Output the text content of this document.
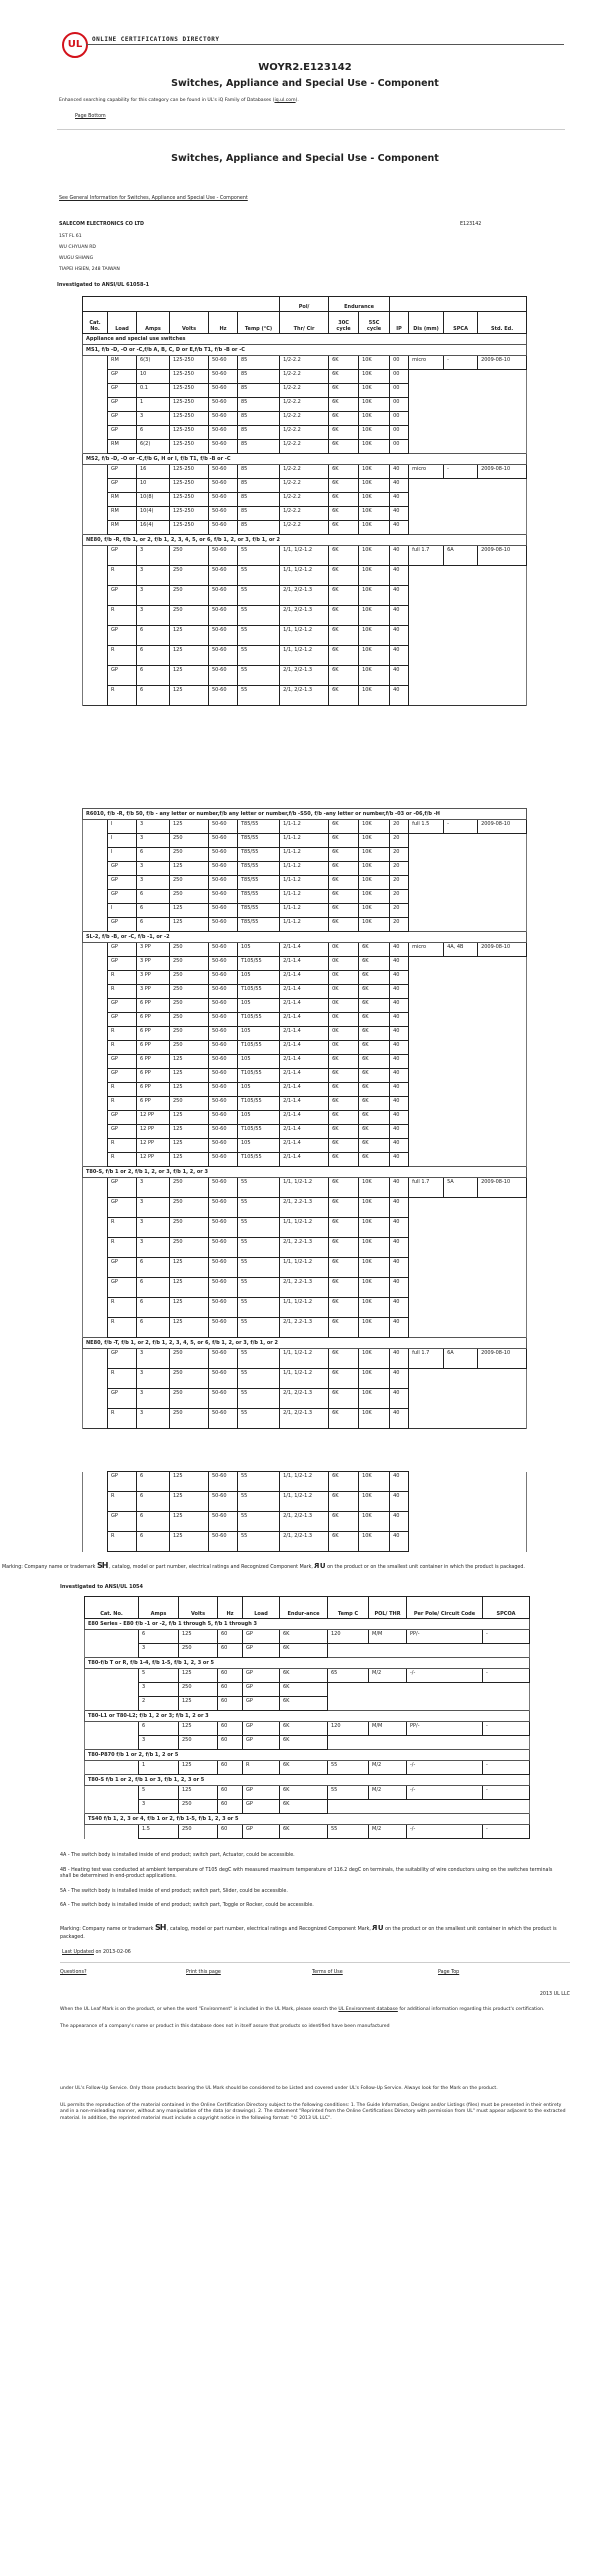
UL	ONLINE CERTIFICATIONS DIRECTORY
WOYR2.E123142
Switches, Appliance and Special Use - Component
Enhanced searching capability for this category can be found in UL's iQ Family of Databases (iq.ul.com).
Page Bottom
Switches, Appliance and Special Use - Component
See General Information for Switches, Appliance and Special Use - Component
SALECOM ELECTRONICS CO LTD	E123142
1ST FL 61
WU CHYUAN RD
WUGU SHIANG
TIAPEI HSIEN, 248 TAIWAN
Investigated to ANSI/UL 61058-1
						Pol/	Endurance					
Cat. No.	Load	Amps	Volts	Hz	Temp (°C)	Thr/ Cir	30C cycle	55C cycle	IP	Dis (mm)	SPCA	Std. Ed.
Appliance and special use switches												
MS1, f/b -D, -O or -C,f/b A, B, C, D or E,f/b T1, f/b -B or -C												
	RM	6(3)	125-250	50-60	85	1/2-2.2	6K	10K	00	micro	-	2009-08-10
	GP	10	125-250	50-60	85	1/2-2.2	6K	10K	00			
	GP	0.1	125-250	50-60	85	1/2-2.2	6K	10K	00			
	GP	1	125-250	50-60	85	1/2-2.2	6K	10K	00			
	GP	3	125-250	50-60	85	1/2-2.2	6K	10K	00			
	GP	6	125-250	50-60	85	1/2-2.2	6K	10K	00			
	RM	6(2)	125-250	50-60	85	1/2-2.2	6K	10K	00			
MS2, f/b -D, -O or -C,f/b G, H or I, f/b T1, f/b -B or -C												
	GP	16	125-250	50-60	85	1/2-2.2	6K	10K	40	micro	-	2009-08-10
	GP	10	125-250	50-60	85	1/2-2.2	6K	10K	40			
	RM	10(8)	125-250	50-60	85	1/2-2.2	6K	10K	40			
	RM	10(4)	125-250	50-60	85	1/2-2.2	6K	10K	40			
	RM	16(4)	125-250	50-60	85	1/2-2.2	6K	10K	40			
NE80, f/b -R, f/b 1, or 2, f/b 1, 2, 3, 4, 5, or 6, f/b 1, 2, or 3, f/b 1, or 2												
	GP	3	250	50-60	55	1/1, 1/2-1.2	6K	10K	40	full 1.7	6A	2009-08-10
	R	3	250	50-60	55	1/1, 1/2-1.2	6K	10K	40			
	GP	3	250	50-60	55	2/1, 2/2-1.3	6K	10K	40			
	R	3	250	50-60	55	2/1, 2/2-1.3	6K	10K	40			
	GP	6	125	50-60	55	1/1, 1/2-1.2	6K	10K	40			
	R	6	125	50-60	55	1/1, 1/2-1.2	6K	10K	40			
	GP	6	125	50-60	55	2/1, 2/2-1.3	6K	10K	40			
	R	6	125	50-60	55	2/1, 2/2-1.3	6K	10K	40			

R6010, f/b -R, f/b 50, f/b - any letter or number,f/b any letter or number,f/b -S50, f/b -any letter or number,f/b -03 or -06,f/b -H												
	I	3	125	50-60	T85/55	1/1-1.2	6K	10K	20	full 1.5	-	2009-08-10
	I	3	250	50-60	T85/55	1/1-1.2	6K	10K	20			
	I	6	250	50-60	T85/55	1/1-1.2	6K	10K	20			
	GP	3	125	50-60	T85/55	1/1-1.2	6K	10K	20			
	GP	3	250	50-60	T85/55	1/1-1.2	6K	10K	20			
	GP	6	250	50-60	T85/55	1/1-1.2	6K	10K	20			
	I	6	125	50-60	T85/55	1/1-1.2	6K	10K	20			
	GP	6	125	50-60	T85/55	1/1-1.2	6K	10K	20			
SL-2, f/b -B, or -C, f/b -1, or -2												
	GP	3 PP	250	50-60	105	2/1-1.4	0K	6K	40	micro	4A, 4B	2009-08-10
	GP	3 PP	250	50-60	T105/55	2/1-1.4	0K	6K	40			
	R	3 PP	250	50-60	105	2/1-1.4	0K	6K	40			
	R	3 PP	250	50-60	T105/55	2/1-1.4	0K	6K	40			
	GP	6 PP	250	50-60	105	2/1-1.4	0K	6K	40			
	GP	6 PP	250	50-60	T105/55	2/1-1.4	0K	6K	40			
	R	6 PP	250	50-60	105	2/1-1.4	0K	6K	40			
	R	6 PP	250	50-60	T105/55	2/1-1.4	0K	6K	40			
	GP	6 PP	125	50-60	105	2/1-1.4	6K	6K	40			
	GP	6 PP	125	50-60	T105/55	2/1-1.4	6K	6K	40			
	R	6 PP	125	50-60	105	2/1-1.4	6K	6K	40			
	R	6 PP	250	50-60	T105/55	2/1-1.4	6K	6K	40			
	GP	12 PP	125	50-60	105	2/1-1.4	6K	6K	40			
	GP	12 PP	125	50-60	T105/55	2/1-1.4	6K	6K	40			
	R	12 PP	125	50-60	105	2/1-1.4	6K	6K	40			
	R	12 PP	125	50-60	T105/55	2/1-1.4	6K	6K	40			
T80-S, f/b 1 or 2, f/b 1, 2, or 3, f/b 1, 2, or 3												
	GP	3	250	50-60	55	1/1, 1/2-1.2	6K	10K	40	full 1.7	5A	2009-08-10
	GP	3	250	50-60	55	2/1, 2.2-1.3	6K	10K	40			
	R	3	250	50-60	55	1/1, 1/2-1.2	6K	10K	40			
	R	3	250	50-60	55	2/1, 2.2-1.3	6K	10K	40			
	GP	6	125	50-60	55	1/1, 1/2-1.2	6K	10K	40			
	GP	6	125	50-60	55	2/1, 2.2-1.3	6K	10K	40			
	R	6	125	50-60	55	1/1, 1/2-1.2	6K	10K	40			
	R	6	125	50-60	55	2/1, 2.2-1.3	6K	10K	40			
NE80, f/b -T, f/b 1, or 2, f/b 1, 2, 3, 4, 5, or 6, f/b 1, 2, or 3, f/b 1, or 2												
	GP	3	250	50-60	55	1/1, 1/2-1.2	6K	10K	40	full 1.7	6A	2009-08-10
	R	3	250	50-60	55	1/1, 1/2-1.2	6K	10K	40			
	GP	3	250	50-60	55	2/1, 2/2-1.3	6K	10K	40			
	R	3	250	50-60	55	2/1, 2/2-1.3	6K	10K	40			

	GP	6	125	50-60	55	1/1, 1/2-1.2	6K	10K	40			
	R	6	125	50-60	55	1/1, 1/2-1.2	6K	10K	40			
	GP	6	125	50-60	55	2/1, 2/2-1.3	6K	10K	40			
	R	6	125	50-60	55	2/1, 2/2-1.3	6K	10K	40			
Marking: Company name or trademark SH , catalog, model or part number, electrical ratings and Recognized Component Mark, RU on the product or on the smallest unit container in which the product is packaged.
Investigated to ANSI/UL 1054
Cat. No.	Amps	Volts	Hz	Load	Endur-ance	Temp C	POL/ THR	Per Pole/ Circuit Code	SPCOA
E80 Series - E80 f/b -1 or -2, f/b 1 through 5, f/b 1 through 3									
	6	125	60	GP	6K	120	M/M	PP/-	-
	3	250	60	GP	6K				
T80-f/b T or R, f/b 1-4, f/b 1-5, f/b 1, 2, 3 or 5									
	5	125	60	GP	6K	65	M/2	-/-	-
	3	250	60	GP	6K				
	2	125	60	GP	6K				
T80-L1 or T80-L2; f/b 1, 2 or 3; f/b 1, 2 or 3									
	6	125	60	GP	6K	120	M/M	PP/-	-
	3	250	60	GP	6K				
T80-P870 f/b 1 or 2, f/b 1, 2 or 5									
	1	125	60	R	6K	55	M/2	-/-	-
T80-S f/b 1 or 2, f/b 1 or 3, f/b 1, 2, 3 or 5									
	5	125	60	GP	6K	55	M/2	-/-	-
	3	250	60	GP	6K				
TS40 f/b 1, 2, 3 or 4, f/b 1 or 2, f/b 1-5, f/b 1, 2, 3 or 5									
	1.5	250	60	GP	6K	55	M/2	-/-	-
4A - The switch body is installed inside of end product; switch part, Actuator, could be accessible.
4B - Heating test was conducted at ambient temperature of T105 degC with measured maximum temperature of 116.2 degC on terminals, the suitability of wire conductors using on the switches terminals shall be determined in end-product applications.
5A - The switch body is installed inside of end product; switch part, Slider, could be accessible.
6A - The switch body is installed inside of end product; switch part, Toggle or Rocker, could be accessible.
Marking: Company name or trademark SH , catalog, model or part number, electrical ratings and Recognized Component Mark, RU on the product or on the smallest unit container in which the product is packaged.
Last Updated on 2013-02-06
Questions?	Print this page	Terms of Use	Page Top
2013 UL LLC
When the UL Leaf Mark is on the product, or when the word "Environment" is included in the UL Mark, please search the UL Environment database for additional information regarding this product's certification.
The appearance of a company's name or product in this database does not in itself assure that products so identified have been manufactured
under UL's Follow-Up Service. Only those products bearing the UL Mark should be considered to be Listed and covered under UL's Follow-Up Service. Always look for the Mark on the product.
UL permits the reproduction of the material contained in the Online Certification Directory subject to the following conditions: 1. The Guide Information, Designs and/or Listings (files) must be presented in their entirety and in a non-misleading manner, without any manipulation of the data (or drawings). 2. The statement "Reprinted from the Online Certifications Directory with permission from UL" must appear adjacent to the extracted material. In addition, the reprinted material must include a copyright notice in the following format: "© 2013 UL LLC".
